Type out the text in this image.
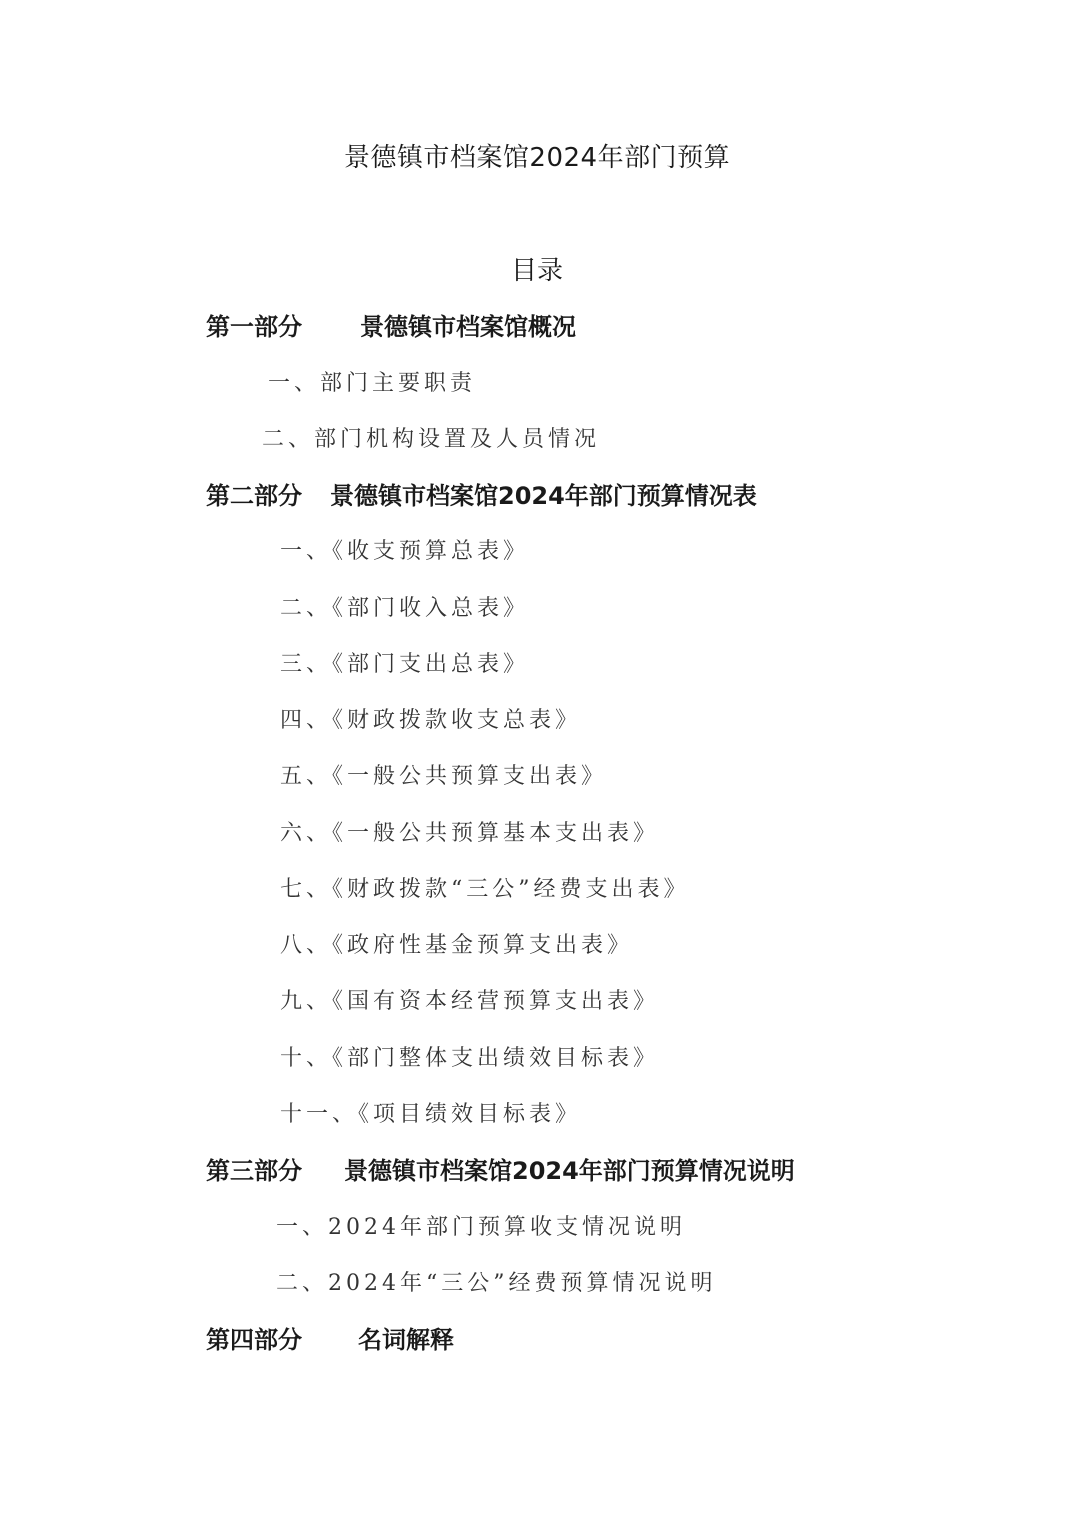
景德镇市档案馆2024年部门预算
目录
第一部分 景德镇市档案馆概况
一、部门主要职责
二、部门机构设置及人员情况
第二部分 景德镇市档案馆2024年部门预算情况表
一、《收支预算总表》
二、《部门收入总表》
三、《部门支出总表》
四、《财政拨款收支总表》
五、《一般公共预算支出表》
六、《一般公共预算基本支出表》
七、《财政拨款“三公”经费支出表》
八、《政府性基金预算支出表》
九、《国有资本经营预算支出表》
十、《部门整体支出绩效目标表》
十一、《项目绩效目标表》
第三部分 景德镇市档案馆2024年部门预算情况说明
一、2024年部门预算收支情况说明
二、2024年“三公”经费预算情况说明
第四部分 名词解释
